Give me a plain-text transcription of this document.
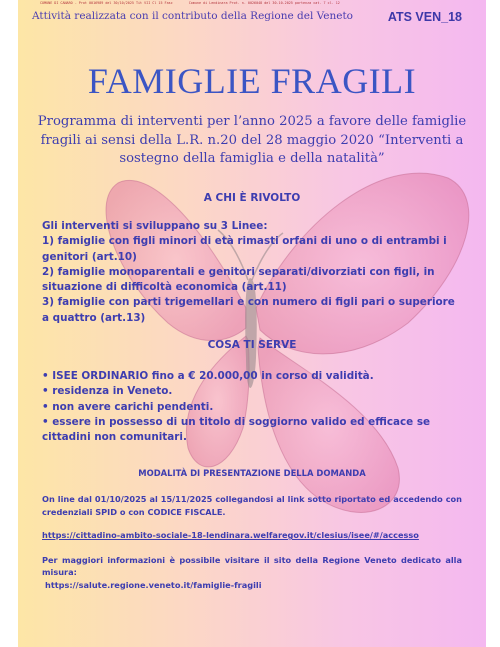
COMUNE DI CANARO - Prot 0016989 del 30/10/2025 Tit VII Cl 15 Fasc	Comune di Lendinara Prot. n. 0026048 del 30-10-2025 partenza cat. 7 cl. 12
Attività realizzata con il contributo della Regione del Veneto	ATS VEN_18
FAMIGLIE FRAGILI
Programma di interventi per l’anno 2025 a favore delle famiglie fragili ai sensi della L.R. n.20 del 28 maggio 2020 “Interventi a sostegno della famiglia e della natalità”
A CHI È RIVOLTO

Gli interventi si sviluppano su 3 Linee:

1) famiglie con figli minori di età rimasti orfani di uno o di entrambi i genitori (art.10)

2) famiglie monoparentali e genitori separati/divorziati con figli, in situazione di difficoltà economica (art.11)

3) famiglie con parti trigemellari e con numero di figli pari o superiore a quattro (art.13)

COSA TI SERVE

• ISEE ORDINARIO fino a € 20.000,00 in corso di validità.

• residenza in Veneto.

• non avere carichi pendenti.

• essere in possesso di un titolo di soggiorno valido ed efficace se cittadini non comunitari.

MODALITÀ DI PRESENTAZIONE DELLA DOMANDA

On line dal 01/10/2025 al 15/11/2025 collegandosi al link sotto riportato ed accedendo con credenziali SPID o con CODICE FISCALE.

https://cittadino-ambito-sociale-18-lendinara.welfaregov.it/clesius/isee/#/accesso

Per maggiori informazioni è possibile visitare il sito della Regione Veneto dedicato alla misura:

https://salute.regione.veneto.it/famiglie-fragili
